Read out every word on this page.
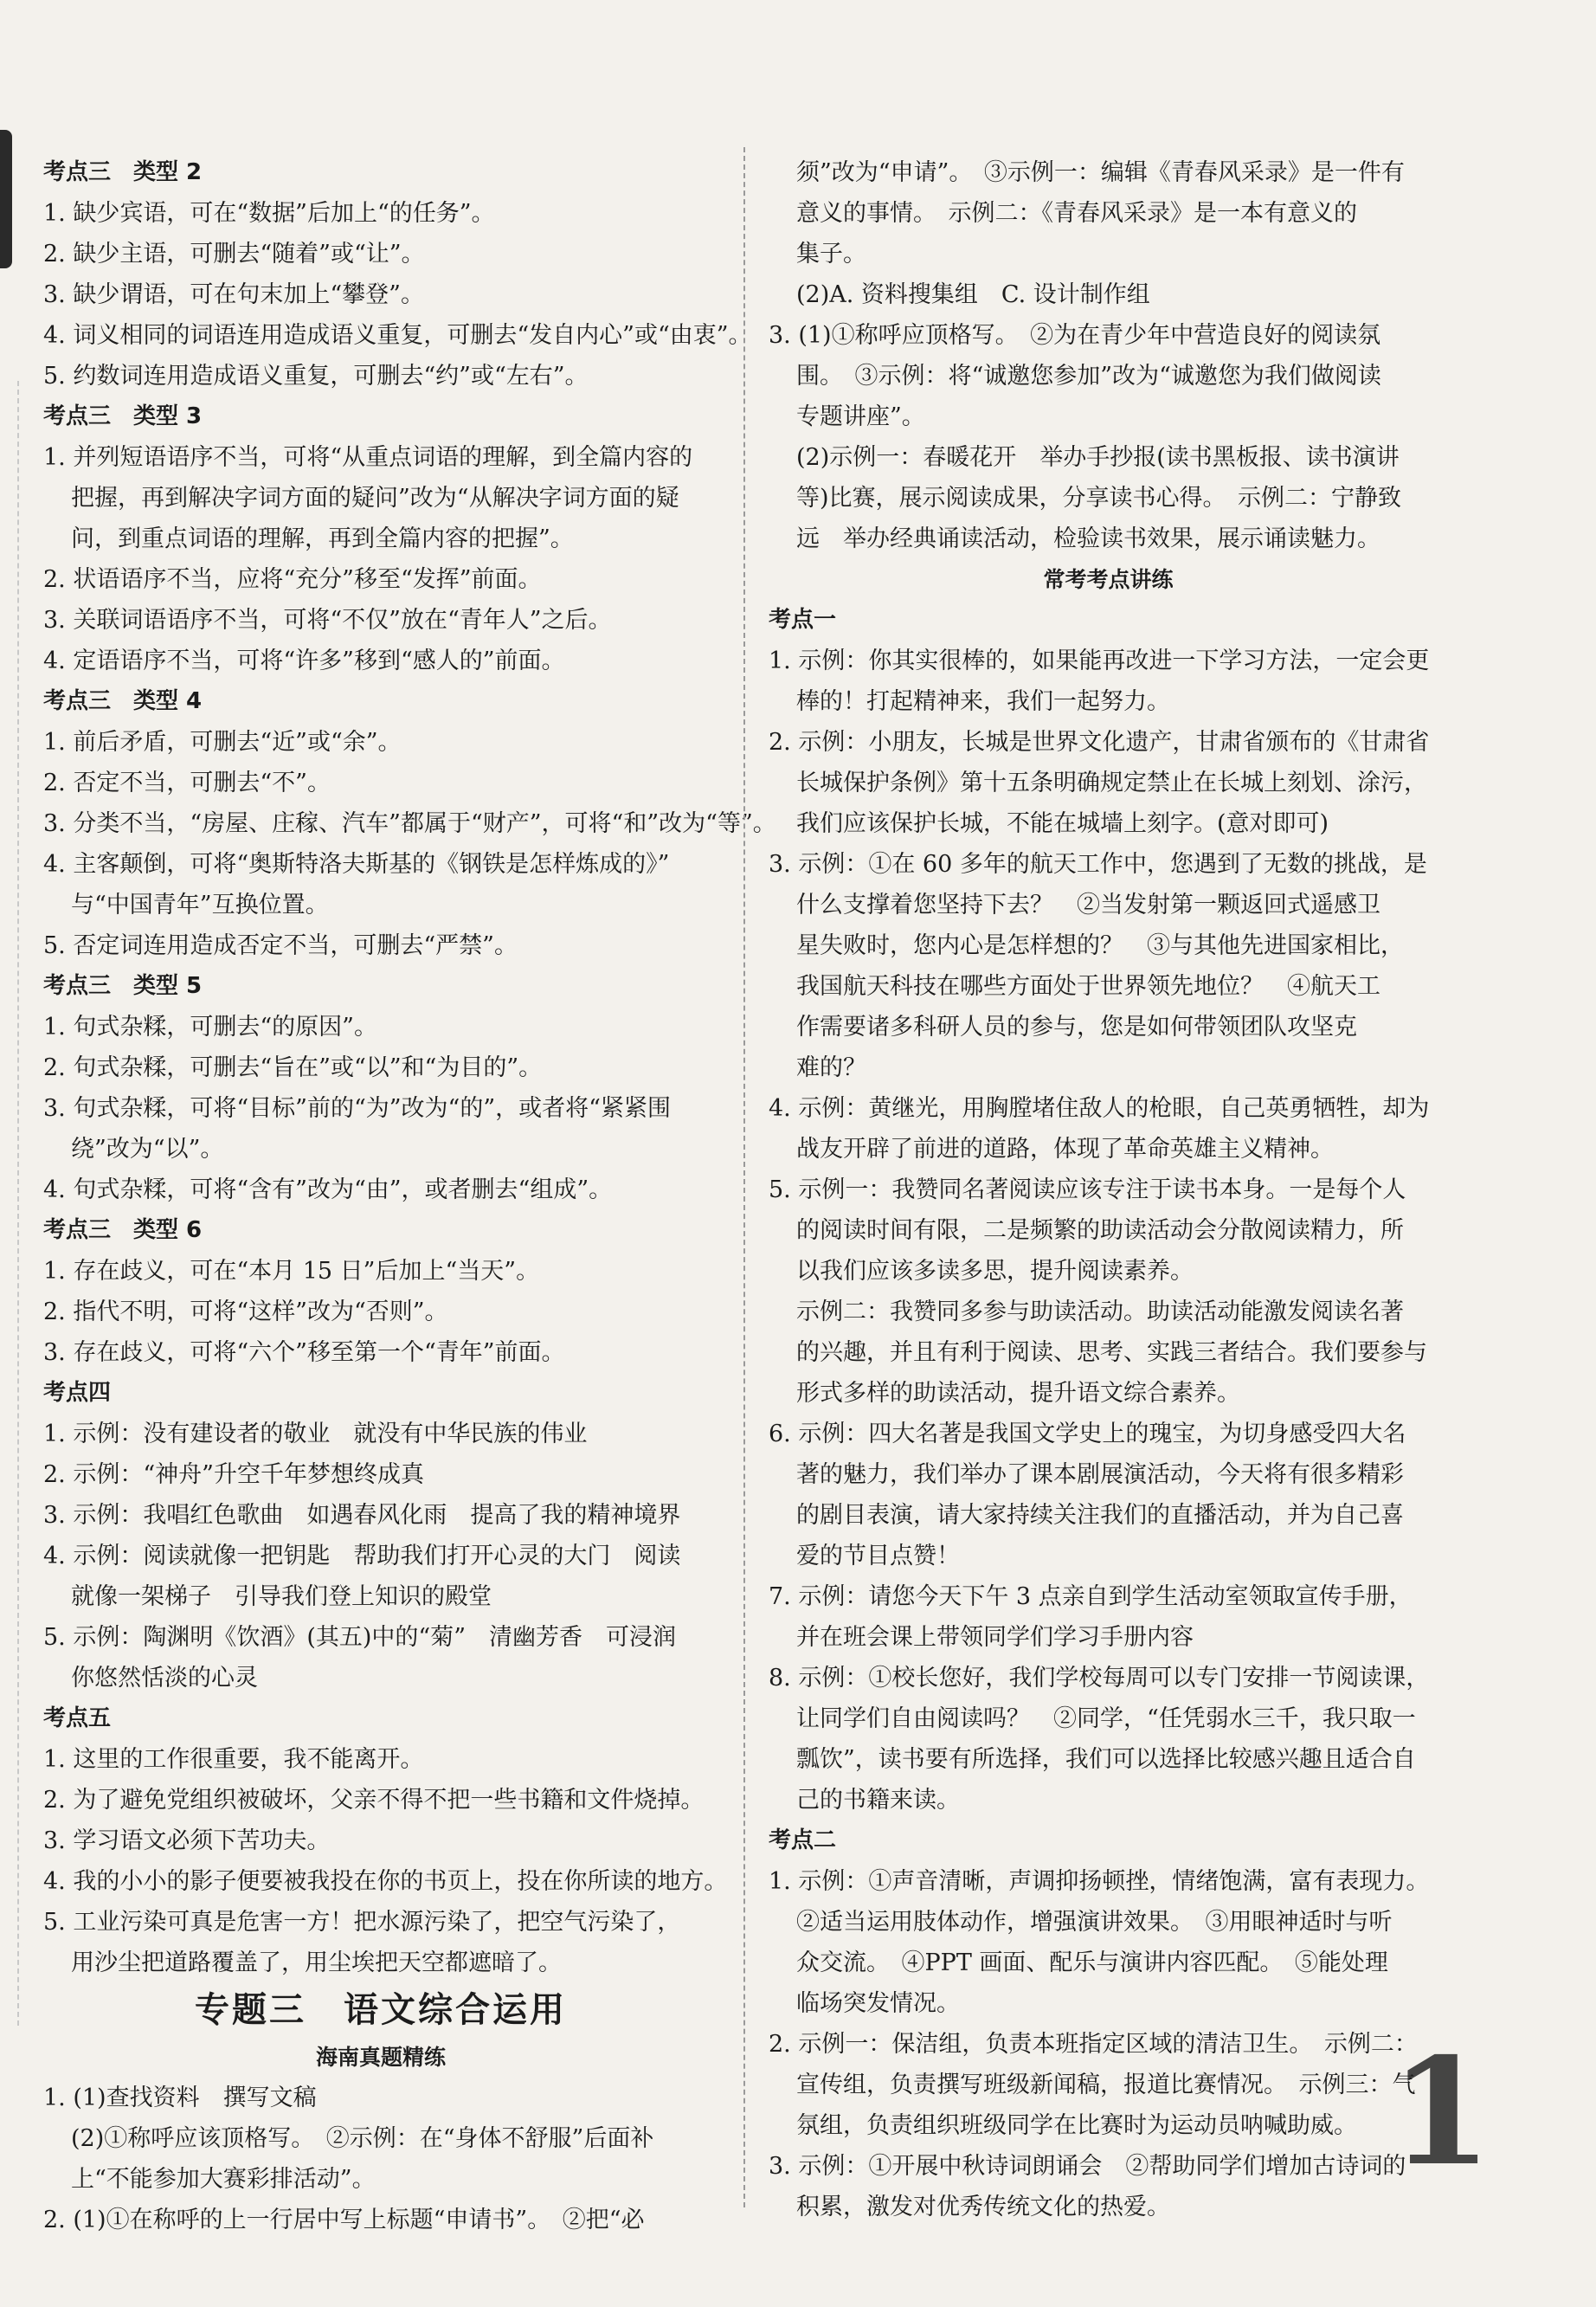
考点三　类型 2
1. 缺少宾语，可在“数据”后加上“的任务”。
2. 缺少主语，可删去“随着”或“让”。
3. 缺少谓语，可在句末加上“攀登”。
4. 词义相同的词语连用造成语义重复，可删去“发自内心”或“由衷”。
5. 约数词连用造成语义重复，可删去“约”或“左右”。
考点三　类型 3
1. 并列短语语序不当，可将“从重点词语的理解，到全篇内容的
把握，再到解决字词方面的疑问”改为“从解决字词方面的疑
问，到重点词语的理解，再到全篇内容的把握”。
2. 状语语序不当，应将“充分”移至“发挥”前面。
3. 关联词语语序不当，可将“不仅”放在“青年人”之后。
4. 定语语序不当，可将“许多”移到“感人的”前面。
考点三　类型 4
1. 前后矛盾，可删去“近”或“余”。
2. 否定不当，可删去“不”。
3. 分类不当，“房屋、庄稼、汽车”都属于“财产”，可将“和”改为“等”。
4. 主客颠倒，可将“奥斯特洛夫斯基的《钢铁是怎样炼成的》”
与“中国青年”互换位置。
5. 否定词连用造成否定不当，可删去“严禁”。
考点三　类型 5
1. 句式杂糅，可删去“的原因”。
2. 句式杂糅，可删去“旨在”或“以”和“为目的”。
3. 句式杂糅，可将“目标”前的“为”改为“的”，或者将“紧紧围
绕”改为“以”。
4. 句式杂糅，可将“含有”改为“由”，或者删去“组成”。
考点三　类型 6
1. 存在歧义，可在“本月 15 日”后加上“当天”。
2. 指代不明，可将“这样”改为“否则”。
3. 存在歧义，可将“六个”移至第一个“青年”前面。
考点四
1. 示例：没有建设者的敬业　就没有中华民族的伟业
2. 示例：“神舟”升空千年梦想终成真
3. 示例：我唱红色歌曲　如遇春风化雨　提高了我的精神境界
4. 示例：阅读就像一把钥匙　帮助我们打开心灵的大门　阅读
就像一架梯子　引导我们登上知识的殿堂
5. 示例：陶渊明《饮酒》(其五)中的“菊”　清幽芳香　可浸润
你悠然恬淡的心灵
考点五
1. 这里的工作很重要，我不能离开。
2. 为了避免党组织被破坏，父亲不得不把一些书籍和文件烧掉。
3. 学习语文必须下苦功夫。
4. 我的小小的影子便要被我投在你的书页上，投在你所读的地方。
5. 工业污染可真是危害一方！把水源污染了，把空气污染了，
用沙尘把道路覆盖了，用尘埃把天空都遮暗了。
专题三　语文综合运用
海南真题精练
1. (1)查找资料　撰写文稿
(2)①称呼应该顶格写。　②示例：在“身体不舒服”后面补
上“不能参加大赛彩排活动”。
2. (1)①在称呼的上一行居中写上标题“申请书”。　②把“必
须”改为“申请”。　③示例一：编辑《青春风采录》是一件有
意义的事情。　示例二：《青春风采录》是一本有意义的
集子。
(2)A. 资料搜集组　C. 设计制作组
3. (1)①称呼应顶格写。　②为在青少年中营造良好的阅读氛
围。　③示例：将“诚邀您参加”改为“诚邀您为我们做阅读
专题讲座”。
(2)示例一：春暖花开　举办手抄报(读书黑板报、读书演讲
等)比赛，展示阅读成果，分享读书心得。　示例二：宁静致
远　举办经典诵读活动，检验读书效果，展示诵读魅力。
常考考点讲练
考点一
1. 示例：你其实很棒的，如果能再改进一下学习方法，一定会更
棒的！打起精神来，我们一起努力。
2. 示例：小朋友，长城是世界文化遗产，甘肃省颁布的《甘肃省
长城保护条例》第十五条明确规定禁止在长城上刻划、涂污，
我们应该保护长城，不能在城墙上刻字。(意对即可)
3. 示例：①在 60 多年的航天工作中，您遇到了无数的挑战，是
什么支撑着您坚持下去？　②当发射第一颗返回式遥感卫
星失败时，您内心是怎样想的？　③与其他先进国家相比，
我国航天科技在哪些方面处于世界领先地位？　④航天工
作需要诸多科研人员的参与，您是如何带领团队攻坚克
难的？
4. 示例：黄继光，用胸膛堵住敌人的枪眼，自己英勇牺牲，却为
战友开辟了前进的道路，体现了革命英雄主义精神。
5. 示例一：我赞同名著阅读应该专注于读书本身。一是每个人
的阅读时间有限，二是频繁的助读活动会分散阅读精力，所
以我们应该多读多思，提升阅读素养。
示例二：我赞同多参与助读活动。助读活动能激发阅读名著
的兴趣，并且有利于阅读、思考、实践三者结合。我们要参与
形式多样的助读活动，提升语文综合素养。
6. 示例：四大名著是我国文学史上的瑰宝，为切身感受四大名
著的魅力，我们举办了课本剧展演活动，今天将有很多精彩
的剧目表演，请大家持续关注我们的直播活动，并为自己喜
爱的节目点赞！
7. 示例：请您今天下午 3 点亲自到学生活动室领取宣传手册，
并在班会课上带领同学们学习手册内容
8. 示例：①校长您好，我们学校每周可以专门安排一节阅读课，
让同学们自由阅读吗？　②同学，“任凭弱水三千，我只取一
瓢饮”，读书要有所选择，我们可以选择比较感兴趣且适合自
己的书籍来读。
考点二
1. 示例：①声音清晰，声调抑扬顿挫，情绪饱满，富有表现力。
②适当运用肢体动作，增强演讲效果。　③用眼神适时与听
众交流。　④PPT 画面、配乐与演讲内容匹配。　⑤能处理
临场突发情况。
2. 示例一：保洁组，负责本班指定区域的清洁卫生。　示例二：
宣传组，负责撰写班级新闻稿，报道比赛情况。　示例三：气
氛组，负责组织班级同学在比赛时为运动员呐喊助威。
3. 示例：①开展中秋诗词朗诵会　②帮助同学们增加古诗词的
积累，激发对优秀传统文化的热爱。
1
